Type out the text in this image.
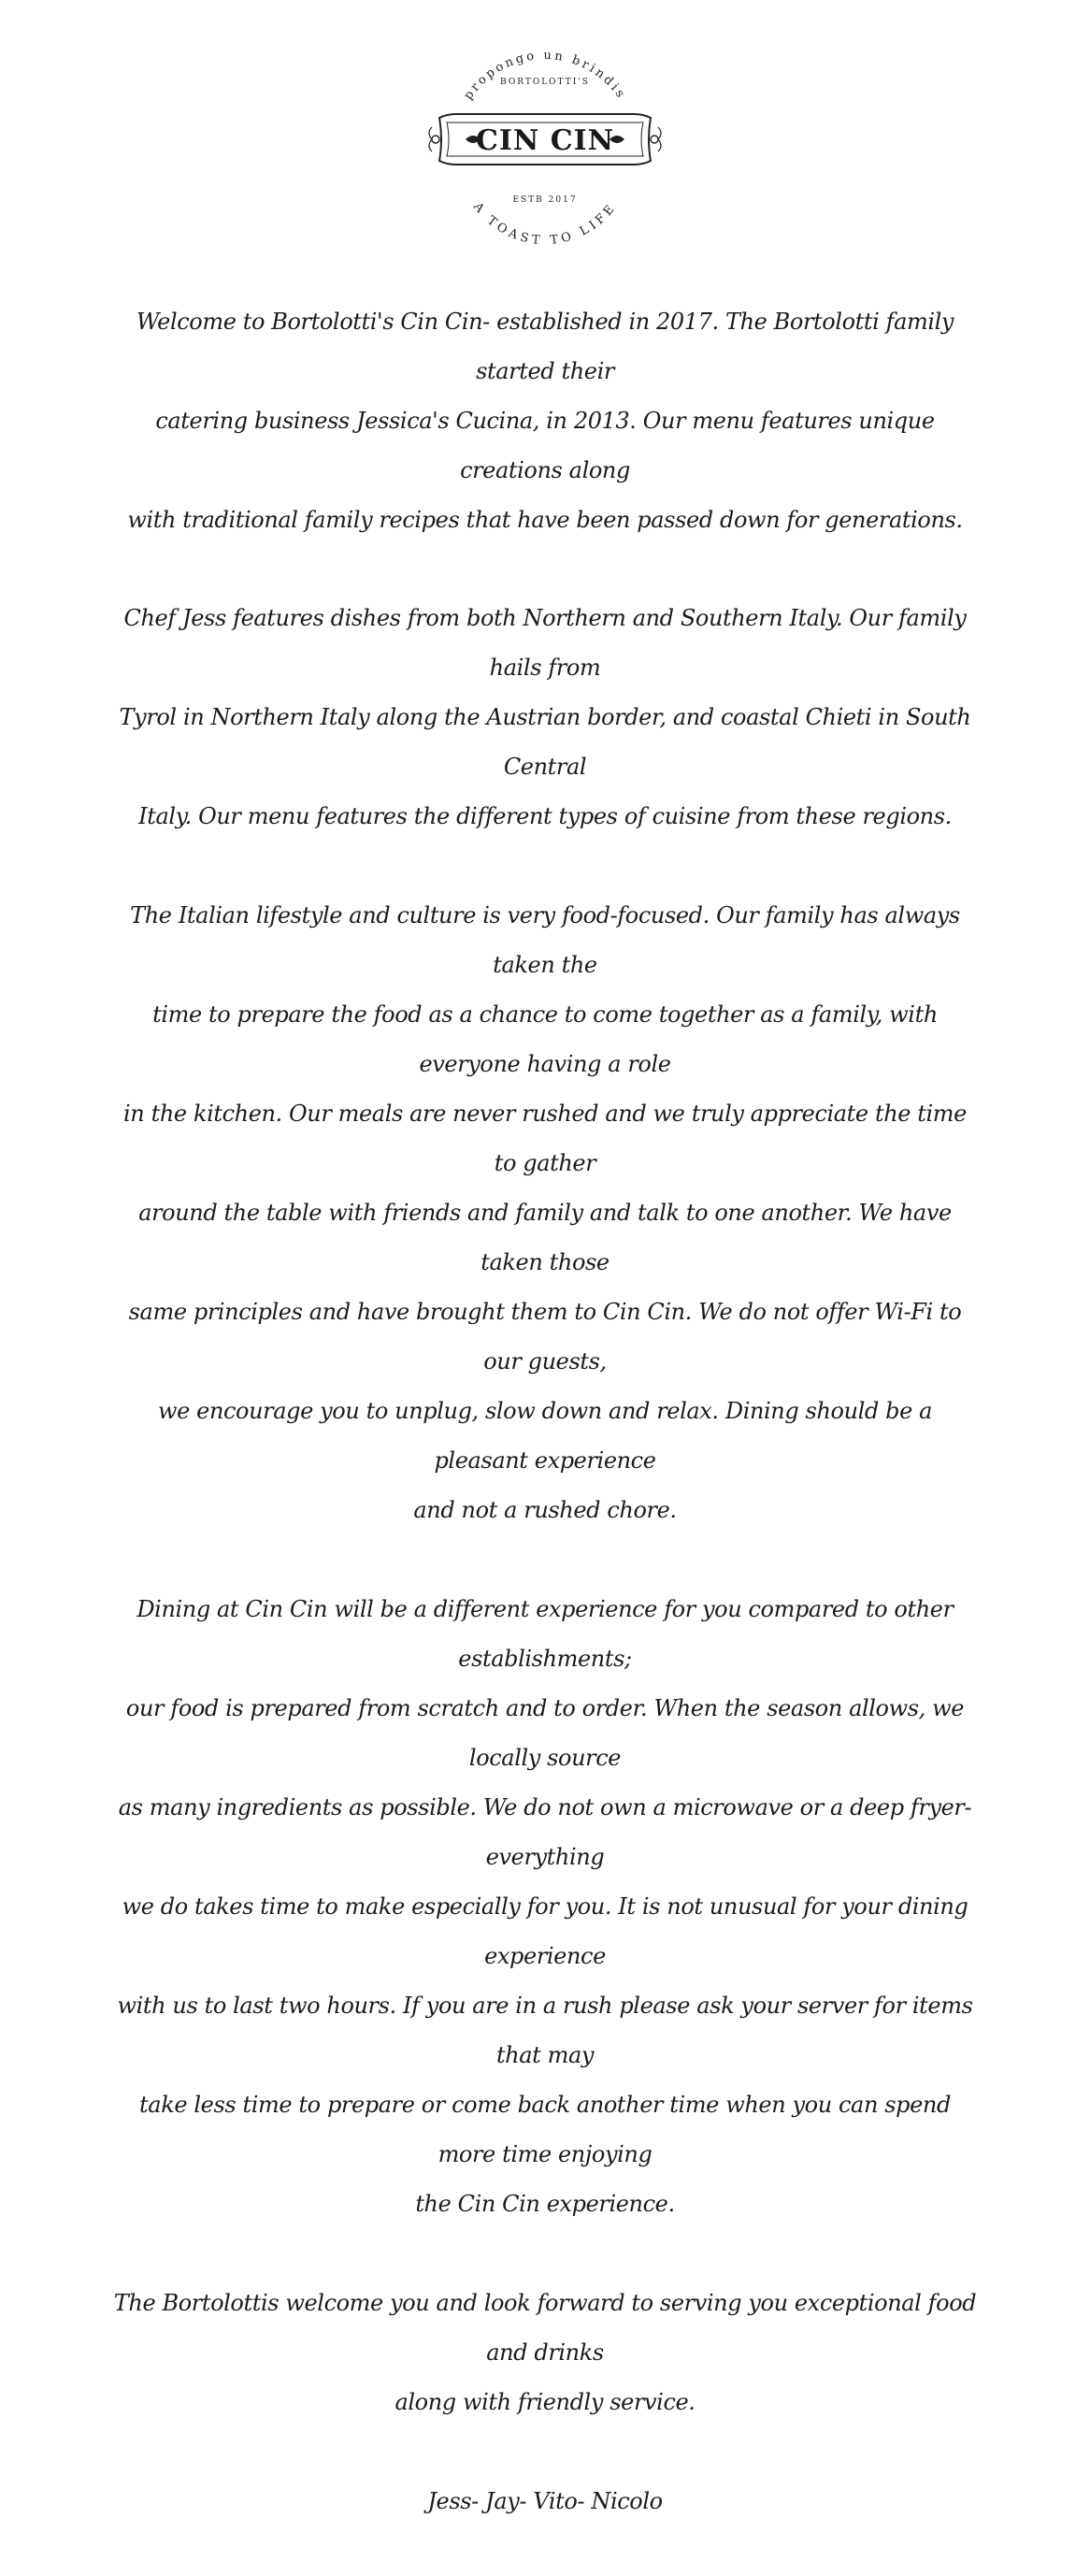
propongo un brindis
BORTOLOTTI'S
CIN CIN
ESTB 2017
A TOAST TO LIFE

Welcome to Bortolotti's Cin Cin- established in 2017. The Bortolotti family started their
catering business Jessica's Cucina, in 2013. Our menu features unique creations along
with traditional family recipes that have been passed down for generations.

Chef Jess features dishes from both Northern and Southern Italy. Our family hails from
Tyrol in Northern Italy along the Austrian border, and coastal Chieti in South Central
Italy. Our menu features the different types of cuisine from these regions.

The Italian lifestyle and culture is very food-focused. Our family has always taken the
time to prepare the food as a chance to come together as a family, with everyone having a role
in the kitchen. Our meals are never rushed and we truly appreciate the time to gather
around the table with friends and family and talk to one another. We have taken those
same principles and have brought them to Cin Cin. We do not offer Wi-Fi to our guests,
we encourage you to unplug, slow down and relax. Dining should be a pleasant experience
and not a rushed chore.

Dining at Cin Cin will be a different experience for you compared to other establishments;
our food is prepared from scratch and to order. When the season allows, we locally source
as many ingredients as possible. We do not own a microwave or a deep fryer- everything
we do takes time to make especially for you. It is not unusual for your dining experience
with us to last two hours. If you are in a rush please ask your server for items that may
take less time to prepare or come back another time when you can spend more time enjoying
the Cin Cin experience.

The Bortolottis welcome you and look forward to serving you exceptional food and drinks
along with friendly service.

Jess- Jay- Vito- Nicolo
